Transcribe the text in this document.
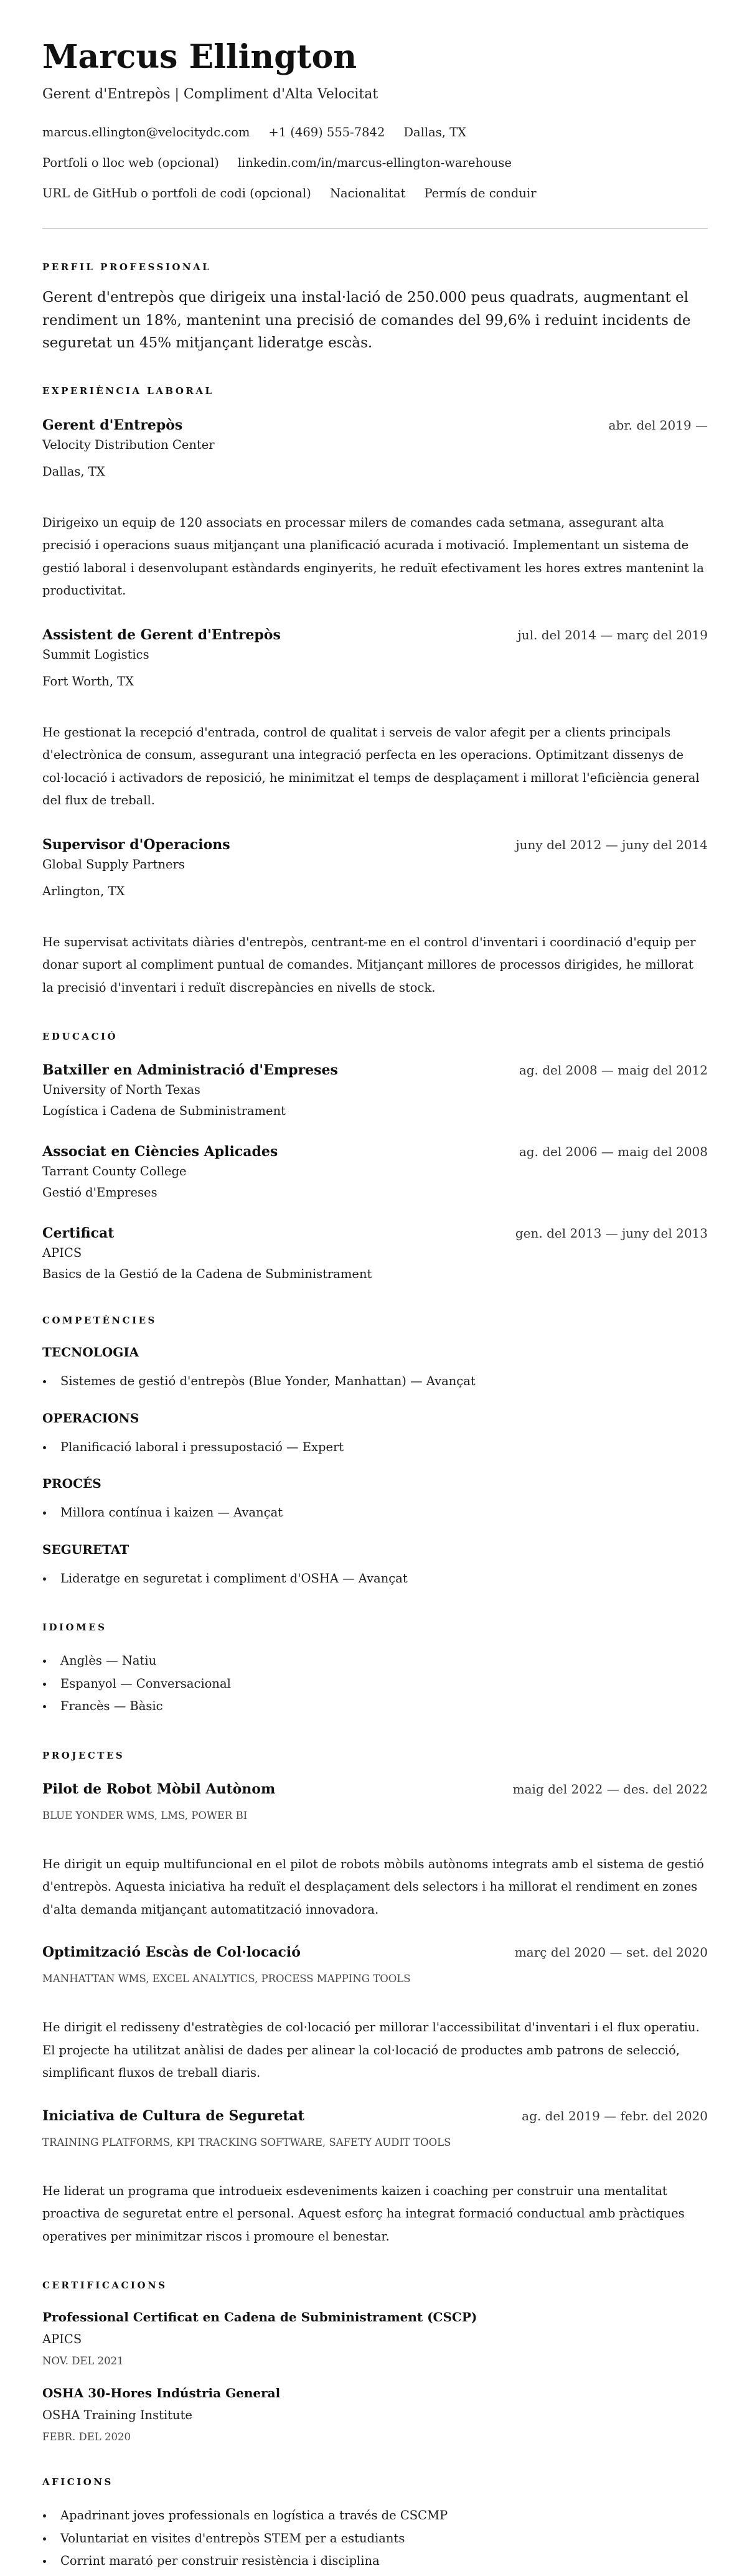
Marcus Ellington
Gerent d'Entrepòs | Compliment d'Alta Velocitat
marcus.ellington@velocitydc.com +1 (469) 555-7842 Dallas, TX
Portfoli o lloc web (opcional) linkedin.com/in/marcus-ellington-warehouse
URL de GitHub o portfoli de codi (opcional) Nacionalitat Permís de conduir
PERFIL PROFESSIONAL

Gerent d'entrepòs que dirigeix una instal·lació de 250.000 peus quadrats, augmentant el rendiment un 18%, mantenint una precisió de comandes del 99,6% i reduint incidents de seguretat un 45% mitjançant lideratge escàs.

EXPERIÈNCIA LABORAL
Gerent d'Entrepòs	abr. del 2019 —
Velocity Distribution Center
Dallas, TX
Dirigeixo un equip de 120 associats en processar milers de comandes cada setmana, assegurant alta precisió i operacions suaus mitjançant una planificació acurada i motivació. Implementant un sistema de gestió laboral i desenvolupant estàndards enginyerits, he reduït efectivament les hores extres mantenint la productivitat.
Assistent de Gerent d'Entrepòs	jul. del 2014 — març del 2019
Summit Logistics
Fort Worth, TX
He gestionat la recepció d'entrada, control de qualitat i serveis de valor afegit per a clients principals d'electrònica de consum, assegurant una integració perfecta en les operacions. Optimitzant dissenys de col·locació i activadors de reposició, he minimitzat el temps de desplaçament i millorat l'eficiència general del flux de treball.
Supervisor d'Operacions	juny del 2012 — juny del 2014
Global Supply Partners
Arlington, TX
He supervisat activitats diàries d'entrepòs, centrant-me en el control d'inventari i coordinació d'equip per donar suport al compliment puntual de comandes. Mitjançant millores de processos dirigides, he millorat la precisió d'inventari i reduït discrepàncies en nivells de stock.
EDUCACIÓ
Batxiller en Administració d'Empreses	ag. del 2008 — maig del 2012
University of North Texas
Logística i Cadena de Subministrament
Associat en Ciències Aplicades	ag. del 2006 — maig del 2008
Tarrant County College
Gestió d'Empreses
Certificat	gen. del 2013 — juny del 2013
APICS
Basics de la Gestió de la Cadena de Subministrament
COMPETÈNCIES
TECNOLOGIA
Sistemes de gestió d'entrepòs (Blue Yonder, Manhattan) — Avançat
OPERACIONS
Planificació laboral i pressupostació — Expert
PROCÉS
Millora contínua i kaizen — Avançat
SEGURETAT
Lideratge en seguretat i compliment d'OSHA — Avançat
IDIOMES
Anglès — Natiu
Espanyol — Conversacional
Francès — Bàsic
PROJECTES
Pilot de Robot Mòbil Autònom	maig del 2022 — des. del 2022
BLUE YONDER WMS, LMS, POWER BI
He dirigit un equip multifuncional en el pilot de robots mòbils autònoms integrats amb el sistema de gestió d'entrepòs. Aquesta iniciativa ha reduït el desplaçament dels selectors i ha millorat el rendiment en zones d'alta demanda mitjançant automatització innovadora.
Optimització Escàs de Col·locació	març del 2020 — set. del 2020
MANHATTAN WMS, EXCEL ANALYTICS, PROCESS MAPPING TOOLS
He dirigit el redisseny d'estratègies de col·locació per millorar l'accessibilitat d'inventari i el flux operatiu. El projecte ha utilitzat anàlisi de dades per alinear la col·locació de productes amb patrons de selecció, simplificant fluxos de treball diaris.
Iniciativa de Cultura de Seguretat	ag. del 2019 — febr. del 2020
TRAINING PLATFORMS, KPI TRACKING SOFTWARE, SAFETY AUDIT TOOLS
He liderat un programa que introdueix esdeveniments kaizen i coaching per construir una mentalitat proactiva de seguretat entre el personal. Aquest esforç ha integrat formació conductual amb pràctiques operatives per minimitzar riscos i promoure el benestar.
CERTIFICACIONS
Professional Certificat en Cadena de Subministrament (CSCP)
APICS
NOV. DEL 2021
OSHA 30-Hores Indústria General
OSHA Training Institute
FEBR. DEL 2020
AFICIONS
Apadrinant joves professionals en logística a través de CSCMP
Voluntariat en visites d'entrepòs STEM per a estudiants
Corrint marató per construir resistència i disciplina
